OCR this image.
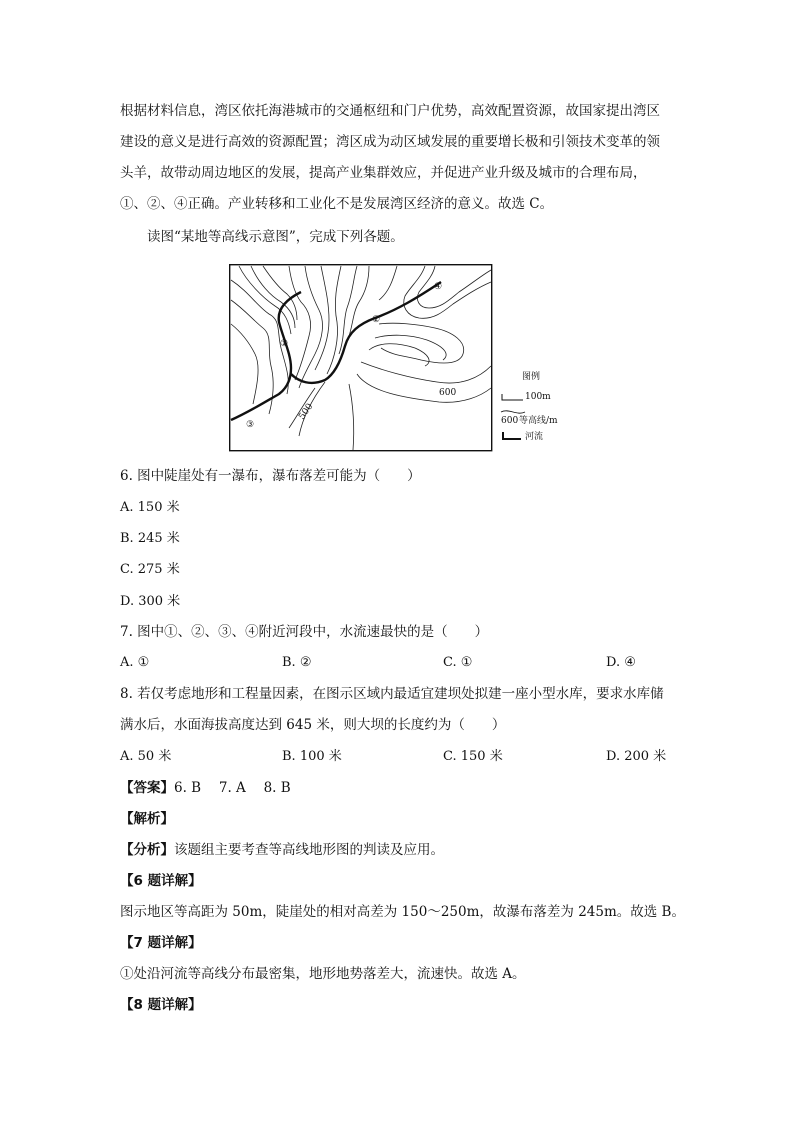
根据材料信息，湾区依托海港城市的交通枢纽和门户优势，高效配置资源，故国家提出湾区
建设的意义是进行高效的资源配置；湾区成为动区域发展的重要增长极和引领技术变革的领
头羊，故带动周边地区的发展，提高产业集群效应，并促进产业升级及城市的合理布局，
①、②、④正确。产业转移和工业化不是发展湾区经济的意义。故选 C。
读图“某地等高线示意图”，完成下列各题。
①
②
③
④
500
600
图例
100m
600 等高线/m
河流
6. 图中陡崖处有一瀑布，瀑布落差可能为（　　）
A. 150 米
B. 245 米
C. 275 米
D. 300 米
7. 图中①、②、③、④附近河段中，水流速最快的是（　　）
A. ①	B. ②	C. ①	D. ④
8. 若仅考虑地形和工程量因素，在图示区域内最适宜建坝处拟建一座小型水库，要求水库储
满水后，水面海拔高度达到 645 米，则大坝的长度约为（　　）
A. 50 米	B. 100 米	C. 150 米	D. 200 米
【答案】6. B　 7. A　 8. B
【解析】
【分析】该题组主要考查等高线地形图的判读及应用。
【6 题详解】
图示地区等高距为 50m，陡崖处的相对高差为 150～250m，故瀑布落差为 245m。故选 B。
【7 题详解】
①处沿河流等高线分布最密集，地形地势落差大，流速快。故选 A。
【8 题详解】
